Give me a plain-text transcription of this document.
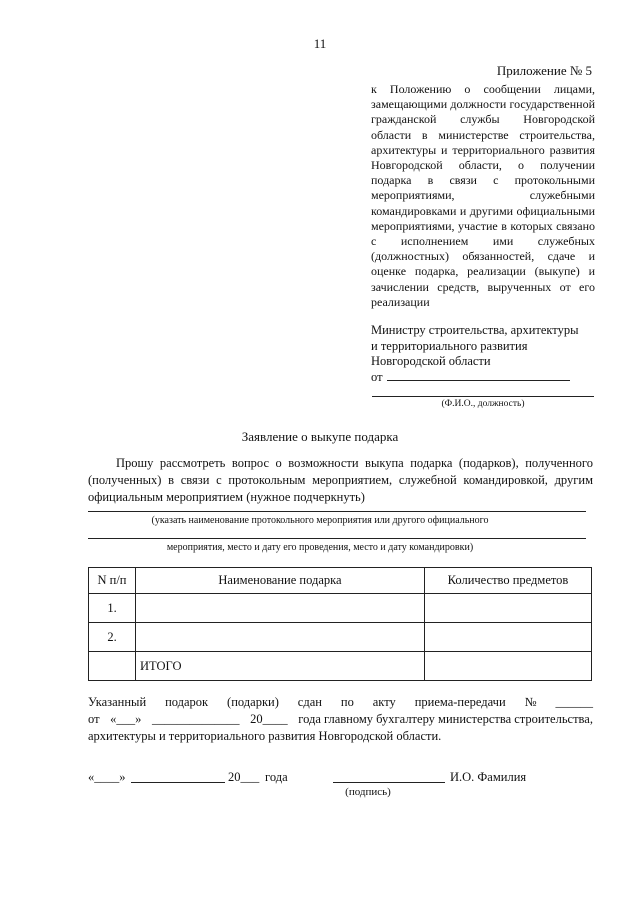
11
Приложение № 5
к Положению о сообщении лицами, замещающими должности государственной гражданской службы Новгородской области в министерстве строительства, архитектуры и территориального развития Новгородской области, о получении подарка в связи с протокольными мероприятиями, служебными командировками и другими официальными мероприятиями, участие в которых связано с исполнением ими служебных (должностных) обязанностей, сдаче и оценке подарка, реализации (выкупе) и зачислении средств, вырученных от его реализации
Министру строительства, архитектуры
и территориального развития
Новгородской области
от
(Ф.И.О., должность)
Заявление о выкупе подарка
Прошу рассмотреть вопрос о возможности выкупа подарка (подарков), полученного (полученных) в связи с протокольным мероприятием, служебной командировкой, другим официальным мероприятием (нужное подчеркнуть)
(указать наименование протокольного мероприятия или другого официального
мероприятия, место и дату его проведения, место и дату командировки)
N п/п	Наименование подарка	Количество предметов
1.		
2.		
	ИТОГО	
Указанный подарок (подарки) сдан по акту приема-передачи № ______
от «___» ______________ 20____ года главному бухгалтеру министерства строительства,
архитектуры и территориального развития Новгородской области.
«____»	20___ года	И.О. Фамилия
(подпись)
